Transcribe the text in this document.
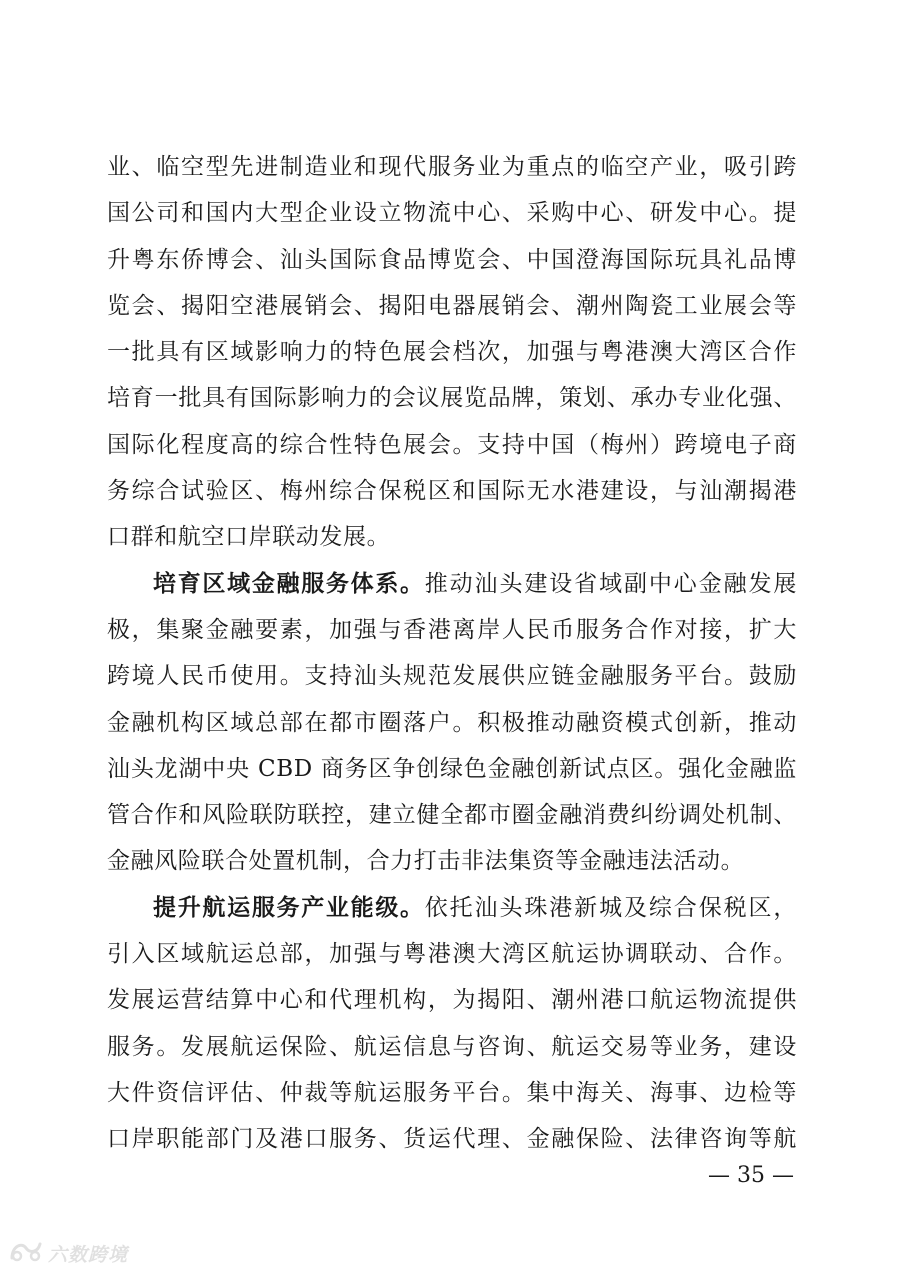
业、临空型先进制造业和现代服务业为重点的临空产业，吸引跨
国公司和国内大型企业设立物流中心、采购中心、研发中心。提
升粤东侨博会、汕头国际食品博览会、中国澄海国际玩具礼品博
览会、揭阳空港展销会、揭阳电器展销会、潮州陶瓷工业展会等
一批具有区域影响力的特色展会档次，加强与粤港澳大湾区合作
培育一批具有国际影响力的会议展览品牌，策划、承办专业化强、
国际化程度高的综合性特色展会。支持中国（梅州）跨境电子商
务综合试验区、梅州综合保税区和国际无水港建设，与汕潮揭港
口群和航空口岸联动发展。
培育区域金融服务体系。推动汕头建设省域副中心金融发展
极，集聚金融要素，加强与香港离岸人民币服务合作对接，扩大
跨境人民币使用。支持汕头规范发展供应链金融服务平台。鼓励
金融机构区域总部在都市圈落户。积极推动融资模式创新，推动
汕头龙湖中央 CBD 商务区争创绿色金融创新试点区。强化金融监
管合作和风险联防联控，建立健全都市圈金融消费纠纷调处机制、
金融风险联合处置机制，合力打击非法集资等金融违法活动。
提升航运服务产业能级。依托汕头珠港新城及综合保税区，
引入区域航运总部，加强与粤港澳大湾区航运协调联动、合作。
发展运营结算中心和代理机构，为揭阳、潮州港口航运物流提供
服务。发展航运保险、航运信息与咨询、航运交易等业务，建设
大件资信评估、仲裁等航运服务平台。集中海关、海事、边检等
口岸职能部门及港口服务、货运代理、金融保险、法律咨询等航
— 35 —
六数跨境
